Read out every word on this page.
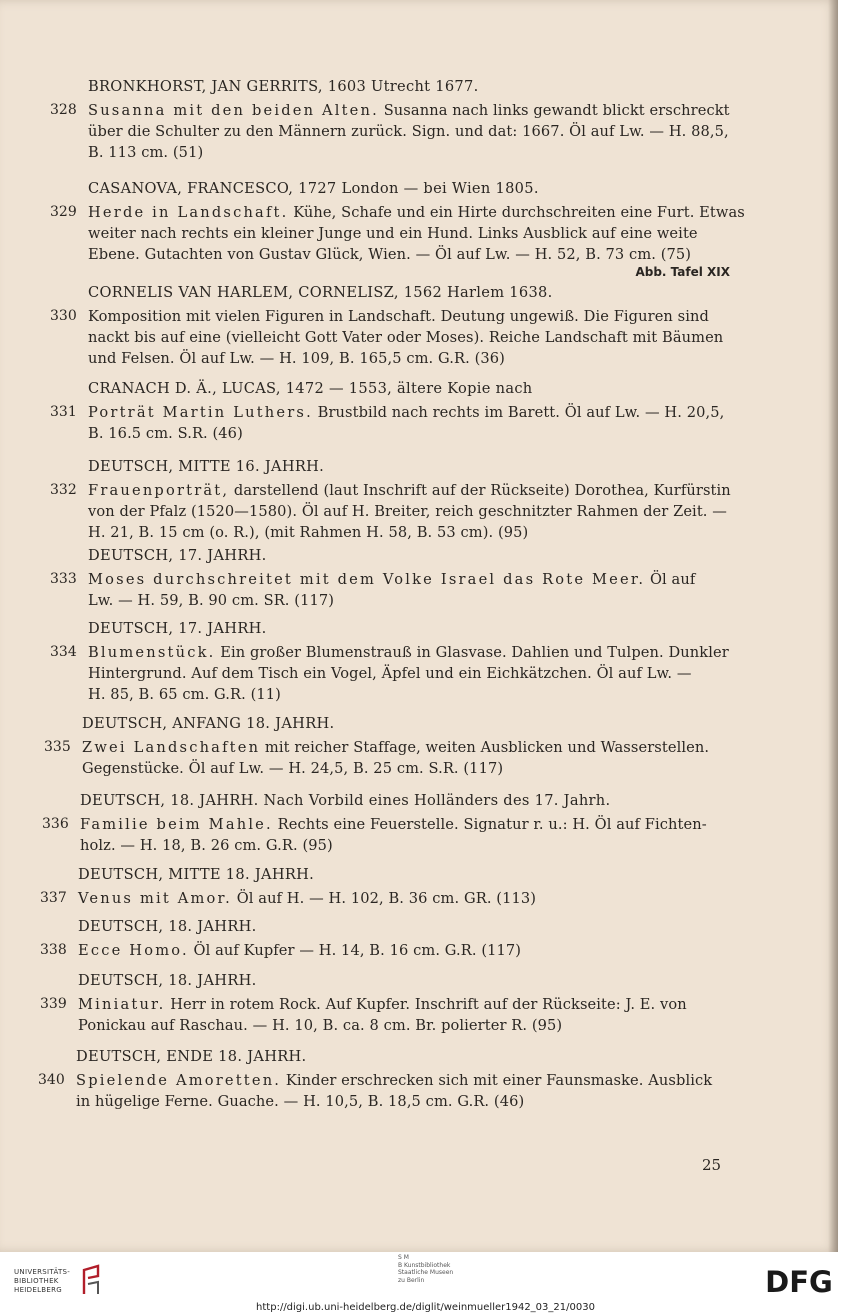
BRONKHORST, JAN GERRITS, 1603 Utrecht 1677.
328 Susanna mit den beiden Alten. Susanna nach links gewandt blickt erschreckt
über die Schulter zu den Männern zurück. Sign. und dat: 1667. Öl auf Lw. — H. 88,5,
B. 113 cm. (51)
CASANOVA, FRANCESCO, 1727 London — bei Wien 1805.
329 Herde in Landschaft. Kühe, Schafe und ein Hirte durchschreiten eine Furt. Etwas
weiter nach rechts ein kleiner Junge und ein Hund. Links Ausblick auf eine weite
Ebene. Gutachten von Gustav Glück, Wien. — Öl auf Lw. — H. 52, B. 73 cm. (75)
Abb. Tafel XIX
CORNELIS VAN HARLEM, CORNELISZ, 1562 Harlem 1638.
330 Komposition mit vielen Figuren in Landschaft. Deutung ungewiß. Die Figuren sind
nackt bis auf eine (vielleicht Gott Vater oder Moses). Reiche Landschaft mit Bäumen
und Felsen. Öl auf Lw. — H. 109, B. 165,5 cm. G.R. (36)
CRANACH D. Ä., LUCAS, 1472 — 1553, ältere Kopie nach
331 Porträt Martin Luthers. Brustbild nach rechts im Barett. Öl auf Lw. — H. 20,5,
B. 16.5 cm. S.R. (46)
DEUTSCH, MITTE 16. JAHRH.
332 Frauenporträt, darstellend (laut Inschrift auf der Rückseite) Dorothea, Kurfürstin
von der Pfalz (1520—1580). Öl auf H. Breiter, reich geschnitzter Rahmen der Zeit. —
H. 21, B. 15 cm (o. R.), (mit Rahmen H. 58, B. 53 cm). (95)
DEUTSCH, 17. JAHRH.
333 Moses durchschreitet mit dem Volke Israel das Rote Meer. Öl auf
Lw. — H. 59, B. 90 cm. SR. (117)
DEUTSCH, 17. JAHRH.
334 Blumenstück. Ein großer Blumenstrauß in Glasvase. Dahlien und Tulpen. Dunkler
Hintergrund. Auf dem Tisch ein Vogel, Äpfel und ein Eichkätzchen. Öl auf Lw. —
H. 85, B. 65 cm. G.R. (11)
DEUTSCH, ANFANG 18. JAHRH.
335 Zwei Landschaften mit reicher Staffage, weiten Ausblicken und Wasserstellen.
Gegenstücke. Öl auf Lw. — H. 24,5, B. 25 cm. S.R. (117)
DEUTSCH, 18. JAHRH. Nach Vorbild eines Holländers des 17. Jahrh.
336 Familie beim Mahle. Rechts eine Feuerstelle. Signatur r. u.: H. Öl auf Fichten-
holz. — H. 18, B. 26 cm. G.R. (95)
DEUTSCH, MITTE 18. JAHRH.
337 Venus mit Amor. Öl auf H. — H. 102, B. 36 cm. GR. (113)
DEUTSCH, 18. JAHRH.
338 Ecce Homo. Öl auf Kupfer — H. 14, B. 16 cm. G.R. (117)
DEUTSCH, 18. JAHRH.
339 Miniatur. Herr in rotem Rock. Auf Kupfer. Inschrift auf der Rückseite: J. E. von
Ponickau auf Raschau. — H. 10, B. ca. 8 cm. Br. polierter R. (95)
DEUTSCH, ENDE 18. JAHRH.
340 Spielende Amoretten. Kinder erschrecken sich mit einer Faunsmaske. Ausblick
in hügelige Ferne. Guache. — H. 10,5, B. 18,5 cm. G.R. (46)
25
UNIVERSITÄTS-
BIBLIOTHEK
HEIDELBERG
S M
B Kunstbibliothek
Staatliche Museen
zu Berlin	DFG
http://digi.ub.uni-heidelberg.de/diglit/weinmueller1942_03_21/0030
